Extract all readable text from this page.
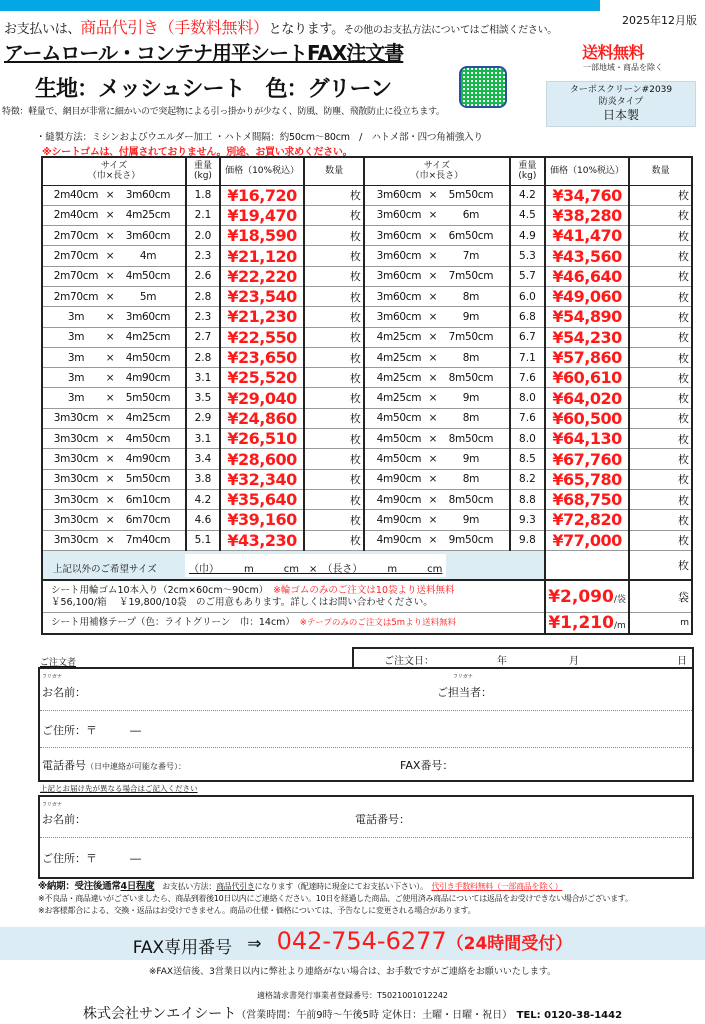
2025年12月版
お支払いは、商品代引き（手数料無料）となります。その他のお支払方法についてはご相談ください。
アームロール・コンテナ用平シートFAX注文書	送料無料
一部地域・商品を除く
生地：メッシュシート　色：グリーン	ターポスクリーン#2039
防炎タイプ
日本製
特徴：軽量で、網目が非常に細かいので突起物による引っ掛かりが少なく、防風、防塵、飛散防止に役立ちます。
・縫製方法：ミシンおよびウエルダー加工 ・ハトメ間隔：約50cm～80cm　/　ハトメ部・四つ角補強入り
※シートゴムは、付属されておりません。別途、お買い求めください。
サイズ
（巾×長さ）	重量
(kg)	価格（10%税込）	数量	サイズ
（巾×長さ）	重量
(kg)	価格（10%税込）	数量
2m40cm × 3m60cm	1.8	¥16,720	枚	3m60cm × 5m50cm	4.2	¥34,760	枚
2m40cm × 4m25cm	2.1	¥19,470	枚	3m60cm × 6m	4.5	¥38,280	枚
2m70cm × 3m60cm	2.0	¥18,590	枚	3m60cm × 6m50cm	4.9	¥41,470	枚
2m70cm × 4m	2.3	¥21,120	枚	3m60cm × 7m	5.3	¥43,560	枚
2m70cm × 4m50cm	2.6	¥22,220	枚	3m60cm × 7m50cm	5.7	¥46,640	枚
2m70cm × 5m	2.8	¥23,540	枚	3m60cm × 8m	6.0	¥49,060	枚
3m × 3m60cm	2.3	¥21,230	枚	3m60cm × 9m	6.8	¥54,890	枚
3m × 4m25cm	2.7	¥22,550	枚	4m25cm × 7m50cm	6.7	¥54,230	枚
3m × 4m50cm	2.8	¥23,650	枚	4m25cm × 8m	7.1	¥57,860	枚
3m × 4m90cm	3.1	¥25,520	枚	4m25cm × 8m50cm	7.6	¥60,610	枚
3m × 5m50cm	3.5	¥29,040	枚	4m25cm × 9m	8.0	¥64,020	枚
3m30cm × 4m25cm	2.9	¥24,860	枚	4m50cm × 8m	7.6	¥60,500	枚
3m30cm × 4m50cm	3.1	¥26,510	枚	4m50cm × 8m50cm	8.0	¥64,130	枚
3m30cm × 4m90cm	3.4	¥28,600	枚	4m50cm × 9m	8.5	¥67,760	枚
3m30cm × 5m50cm	3.8	¥32,340	枚	4m90cm × 8m	8.2	¥65,780	枚
3m30cm × 6m10cm	4.2	¥35,640	枚	4m90cm × 8m50cm	8.8	¥68,750	枚
3m30cm × 6m70cm	4.6	¥39,160	枚	4m90cm × 9m	9.3	¥72,820	枚
3m30cm × 7m40cm	5.1	¥43,230	枚	4m90cm × 9m50cm	9.8	¥77,000	枚
上記以外のご希望サイズ （巾）　　　m　　　cm　×　（長さ）　　　m　　　cm							枚
シート用輪ゴム10本入り（2cm×60cm～90cm）　 ※輪ゴムのみのご注文は10袋より送料無料
￥56,100/箱　 ￥19,800/10袋　のご用意もあります。詳しくはお問い合わせください。						¥2,090/袋	袋
シート用補修テープ（色：ライトグリーン　巾：14cm）　 ※テープのみのご注文は5mより送料無料						¥1,210/m	m
ご注文者	ご注文日：	年	月	日
フリガナ
お名前：
フリガナ
ご担当者：
ご住所：〒　　　―
電話番号（日中連絡が可能な番号）：	FAX番号：
上記とお届け先が異なる場合はご記入ください
フリガナ
お名前：	電話番号：
ご住所：〒　　　―
※納期：受注後通常4日程度　 お支払い方法：商品代引きになります（配達時に現金にてお支払い下さい）。　 代引き手数料無料（一部商品を除く）
※不良品・商品違いがございましたら、商品到着後10日以内にご連絡ください。10日を経過した商品、ご使用済み商品については返品をお受けできない場合がございます。
※お客様都合による、交換・返品はお受けできません。商品の仕様・価格については、予告なしに変更される場合があります。
FAX専用番号 ⇒ 042-754-6277（24時間受付）
※FAX送信後、3営業日以内に弊社より連絡がない場合は、お手数ですがご連絡をお願いいたします。
適格請求書発行事業者登録番号：T5021001012242
株式会社サンエイシート（営業時間：午前9時～午後5時 定休日：土曜・日曜・祝日） TEL: 0120-38-1442
